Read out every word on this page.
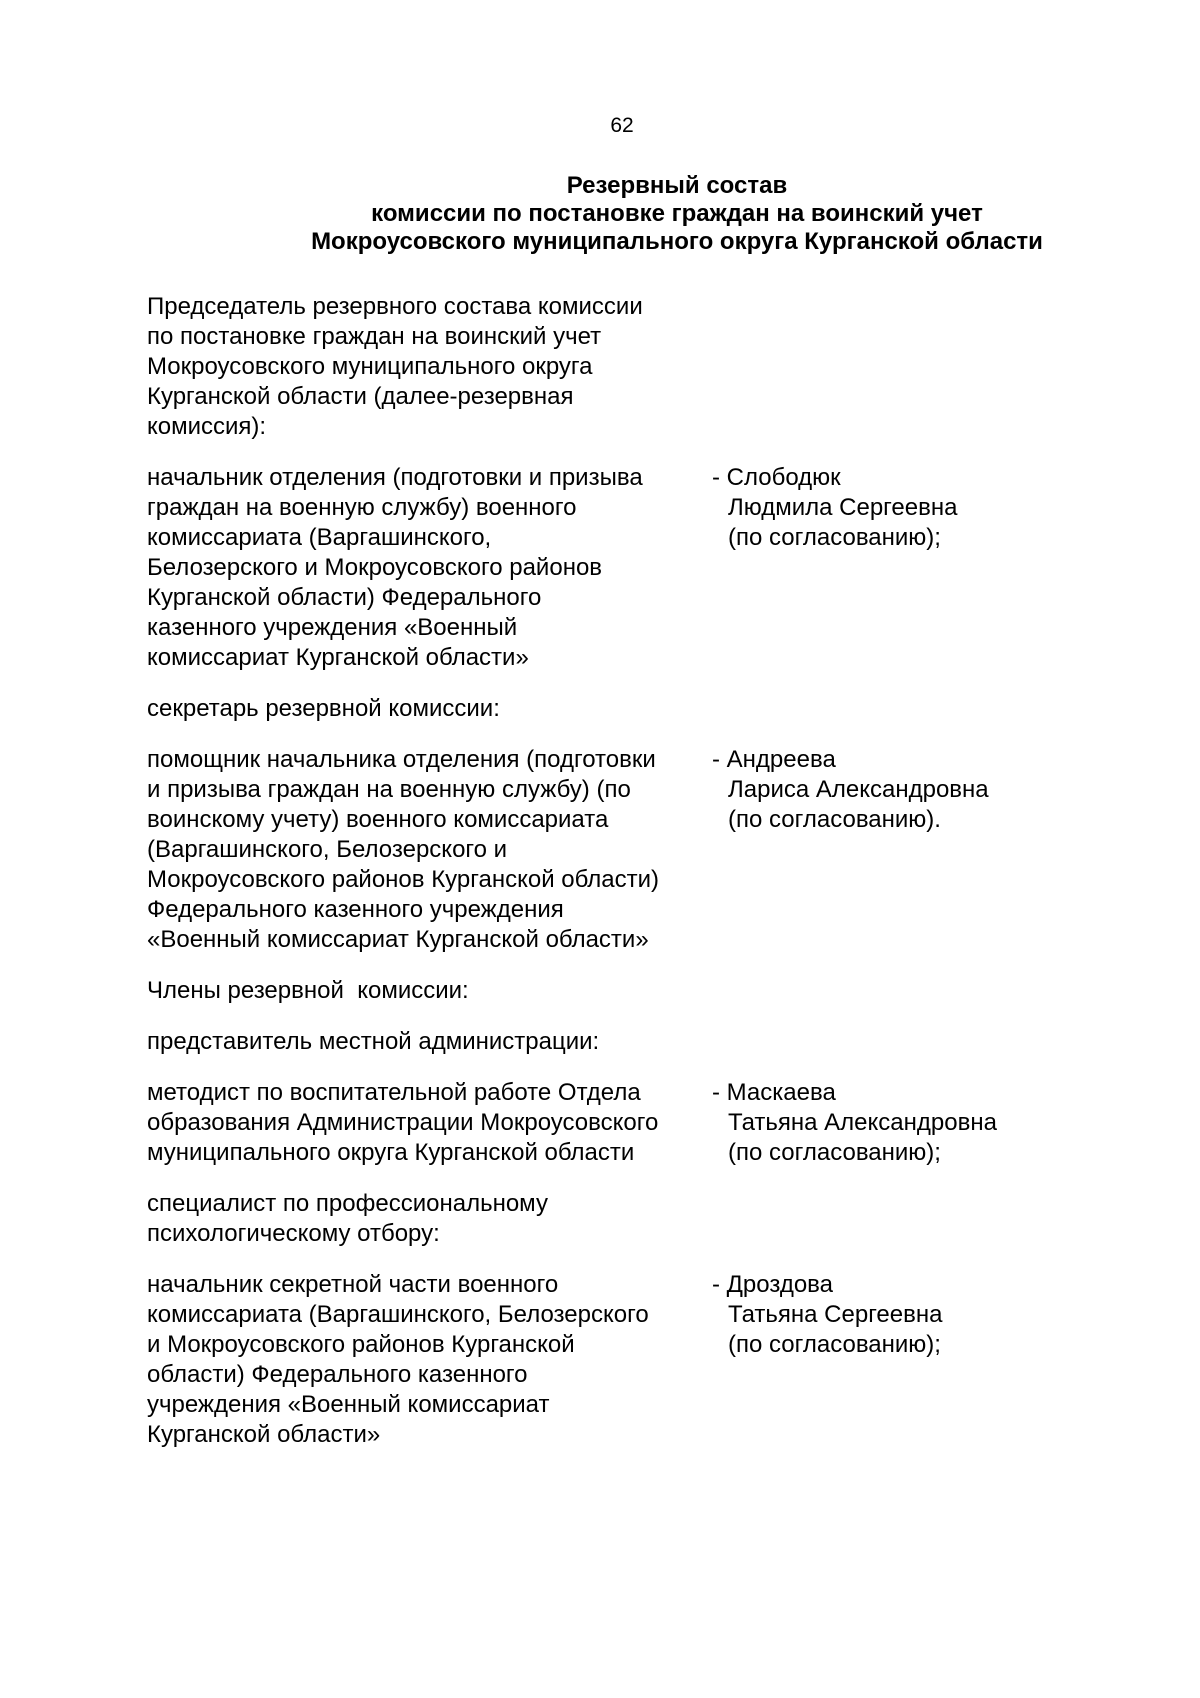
62
Резервный состав
комиссии по постановке граждан на воинский учет
Мокроусовского муниципального округа Курганской области
Председатель резервного состава комиссии
по постановке граждан на воинский учет
Мокроусовского муниципального округа
Курганской области (далее-резервная
комиссия):
начальник отделения (подготовки и призыва
граждан на военную службу) военного
комиссариата (Варгашинского,
Белозерского и Мокроусовского районов
Курганской области) Федерального
казенного учреждения «Военный
комиссариат Курганской области»
- Слободюк
Людмила Сергеевна
(по согласованию);
секретарь резервной комиссии:
помощник начальника отделения (подготовки
и призыва граждан на военную службу) (по
воинскому учету) военного комиссариата
(Варгашинского, Белозерского и
Мокроусовского районов Курганской области)
Федерального казенного учреждения
«Военный комиссариат Курганской области»
- Андреева
Лариса Александровна
(по согласованию).
Члены резервной  комиссии:
представитель местной администрации:
методист по воспитательной работе Отдела
образования Администрации Мокроусовского
муниципального округа Курганской области
- Маскаева
Татьяна Александровна
(по согласованию);
специалист по профессиональному
психологическому отбору:
начальник секретной части военного
комиссариата (Варгашинского, Белозерского
и Мокроусовского районов Курганской
области) Федерального казенного
учреждения «Военный комиссариат
Курганской области»
- Дроздова
Татьяна Сергеевна
(по согласованию);
